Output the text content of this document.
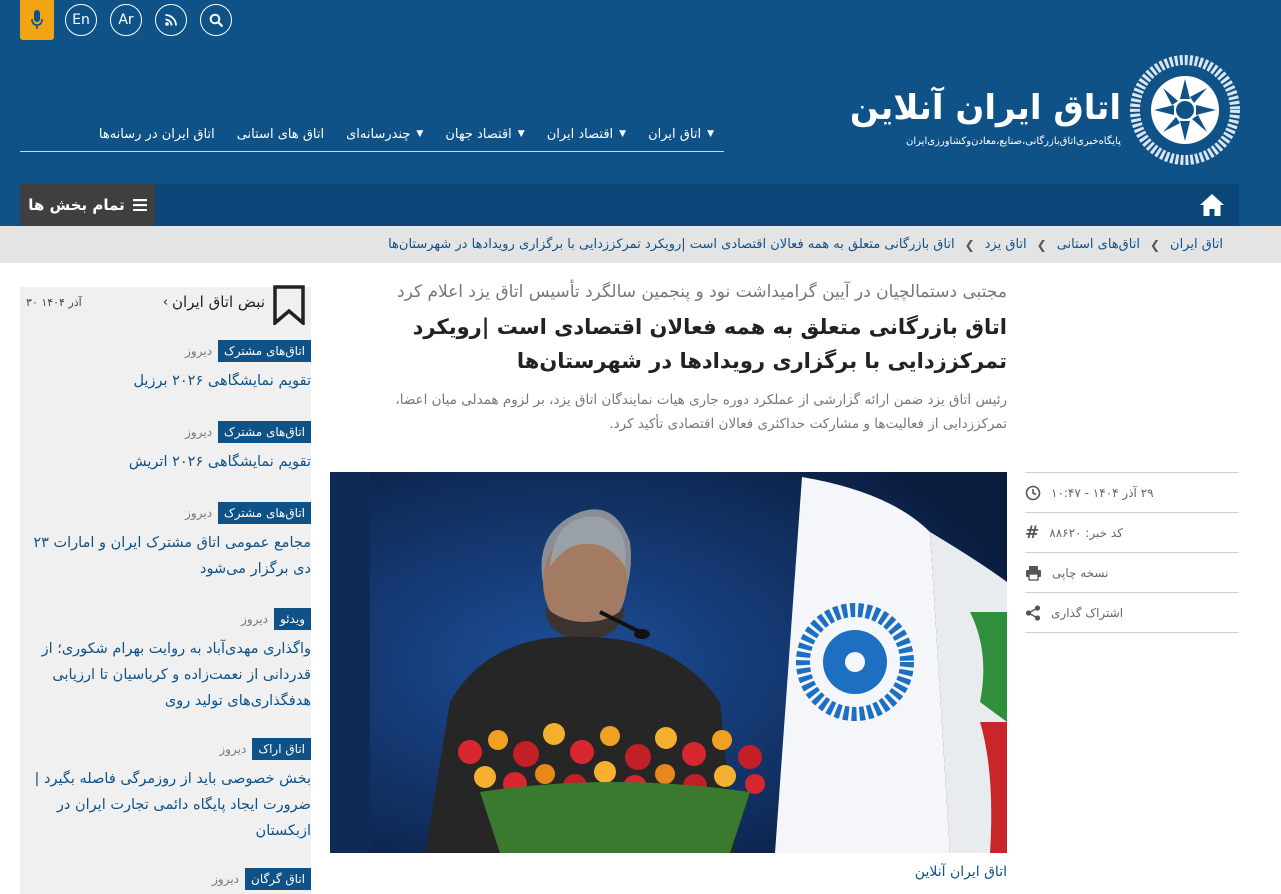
En	Ar
اتاق ایران آنلاین
پایگاه‌خبری‌اتاق‌بازرگانی،صنایع،معادن‌وکشاورزی‌ایران
اتاق ایران ▼
اقتصاد ایران ▼
اقتصاد جهان ▼
چندرسانه‌ای ▼
اتاق های استانی
اتاق ایران در رسانه‌ها
تمام بخش ها
اتاق ایران
❮
اتاق‌های استانی
❮
اتاق یزد
❮
اتاق بازرگانی متعلق به همه فعالان اقتصادی است |رویکرد تمرکززدایی با برگزاری رویدادها در شهرستان‌ها
مجتبی دستمالچیان در آیین گرامیداشت نود و پنجمین سالگرد تأسیس اتاق یزد اعلام کرد
اتاق بازرگانی متعلق به همه فعالان اقتصادی است |رویکرد تمرکززدایی با برگزاری رویدادها در شهرستان‌ها
رئیس اتاق یزد ضمن ارائه گزارشی از عملکرد دوره جاری هیات نمایندگان اتاق یزد، بر لزوم همدلی میان اعضا، تمرکززدایی از فعالیت‌ها و مشارکت حداکثری فعالان اقتصادی تأکید کرد.
اتاق ایران آنلاین
۲۹ آذر ۱۴۰۴ - ۱۰:۴۷
# کد خبر: ۸۸۶۲۰
نسخه چاپی
اشتراک گذاری
نبض اتاق ایران
‹
۳۰ آذر ۱۴۰۴
اتاق‌های مشترک
دیروز
تقویم نمایشگاهی ۲۰۲۶ برزیل
اتاق‌های مشترک
دیروز
تقویم نمایشگاهی ۲۰۲۶ اتریش
اتاق‌های مشترک
دیروز
مجامع عمومی اتاق مشترک ایران و امارات ۲۳ دی برگزار می‌شود
ویدئو
دیروز
واگذاری مهدی‌آباد به روایت بهرام شکوری؛ از قدردانی از نعمت‌زاده و کرباسیان تا ارزیابی هدفگذاری‌های تولید روی
اتاق اراک
دیروز
بخش خصوصی باید از روزمرگی فاصله بگیرد | ضرورت ایجاد پایگاه دائمی تجارت ایران در ازبکستان
اتاق گرگان
دیروز
